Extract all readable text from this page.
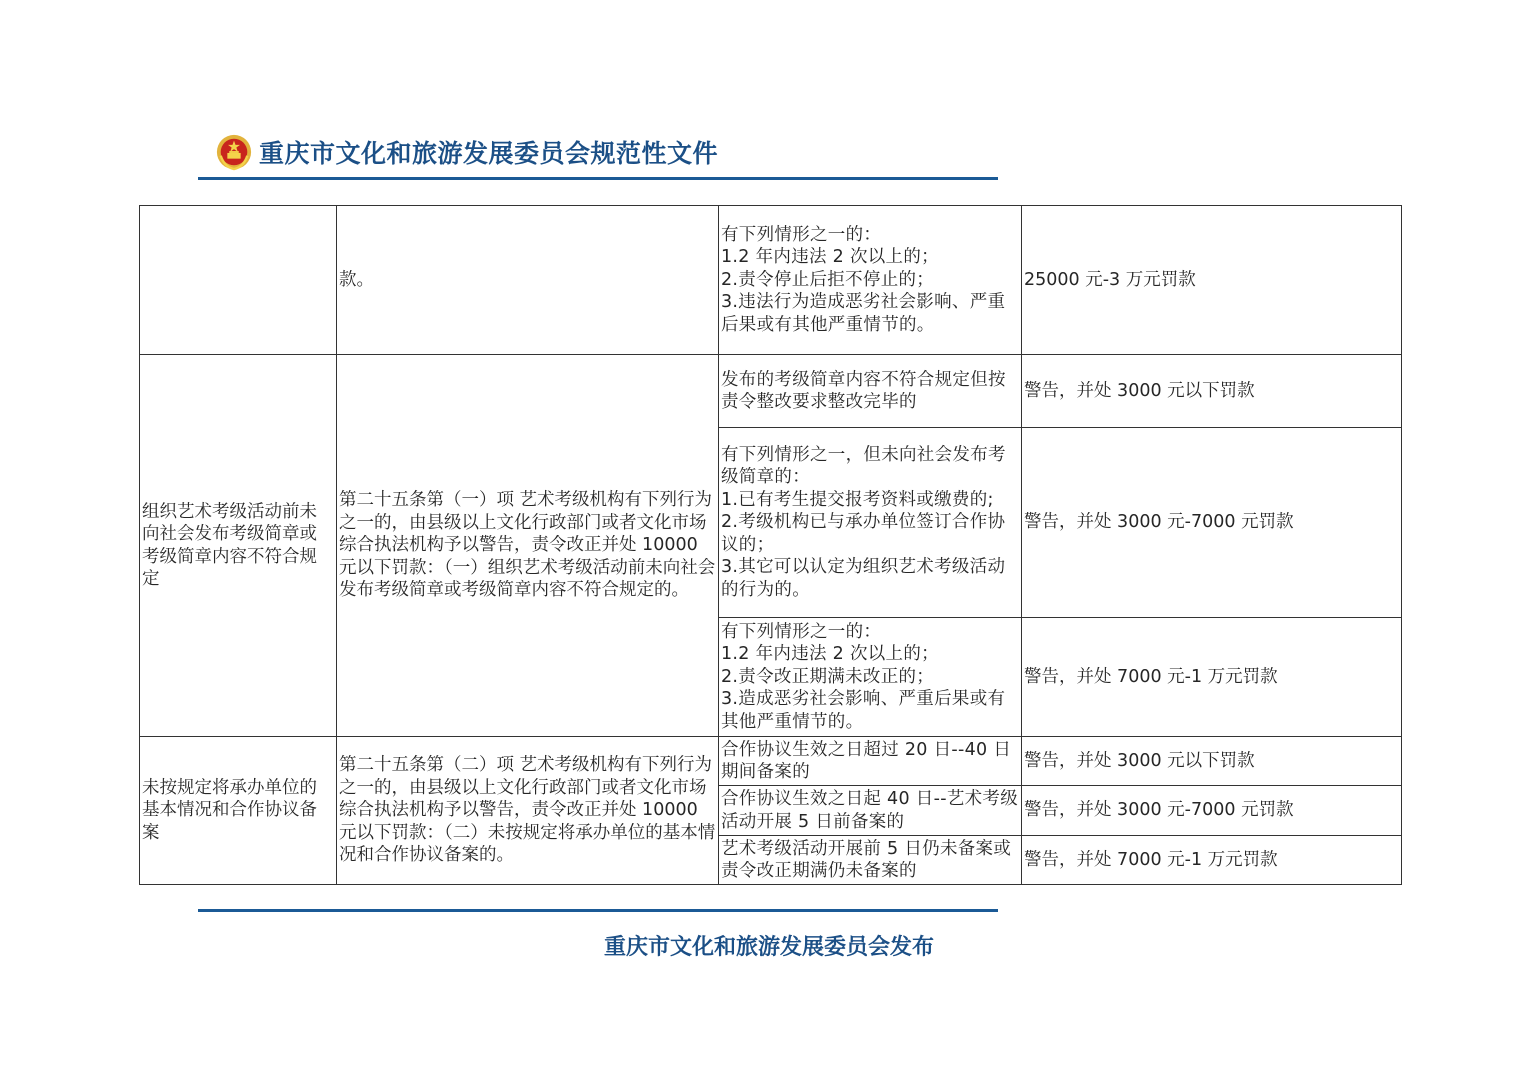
重庆市文化和旅游发展委员会规范性文件
	款。	有下列情形之一的：
1.2 年内违法 2 次以上的；
2.责令停止后拒不停止的；
3.违法行为造成恶劣社会影响、严重后果或有其他严重情节的。	25000 元-3 万元罚款
组织艺术考级活动前未向社会发布考级简章或考级简章内容不符合规定	第二十五条第（一）项 艺术考级机构有下列行为之一的，由县级以上文化行政部门或者文化市场综合执法机构予以警告，责令改正并处 10000 元以下罚款：（一）组织艺术考级活动前未向社会发布考级简章或考级简章内容不符合规定的。	发布的考级简章内容不符合规定但按责令整改要求整改完毕的	警告，并处 3000 元以下罚款
		有下列情形之一，但未向社会发布考级简章的：
1.已有考生提交报考资料或缴费的;
2.考级机构已与承办单位签订合作协议的；
3.其它可以认定为组织艺术考级活动的行为的。	警告，并处 3000 元-7000 元罚款
		有下列情形之一的：
1.2 年内违法 2 次以上的；
2.责令改正期满未改正的；
3.造成恶劣社会影响、严重后果或有其他严重情节的。	警告，并处 7000 元-1 万元罚款
未按规定将承办单位的基本情况和合作协议备案	第二十五条第（二）项 艺术考级机构有下列行为之一的，由县级以上文化行政部门或者文化市场综合执法机构予以警告，责令改正并处 10000 元以下罚款：（二）未按规定将承办单位的基本情况和合作协议备案的。	合作协议生效之日超过 20 日--40 日期间备案的	警告，并处 3000 元以下罚款
		合作协议生效之日起 40 日--艺术考级活动开展 5 日前备案的	警告，并处 3000 元-7000 元罚款
		艺术考级活动开展前 5 日仍未备案或责令改正期满仍未备案的	警告，并处 7000 元-1 万元罚款
重庆市文化和旅游发展委员会发布
